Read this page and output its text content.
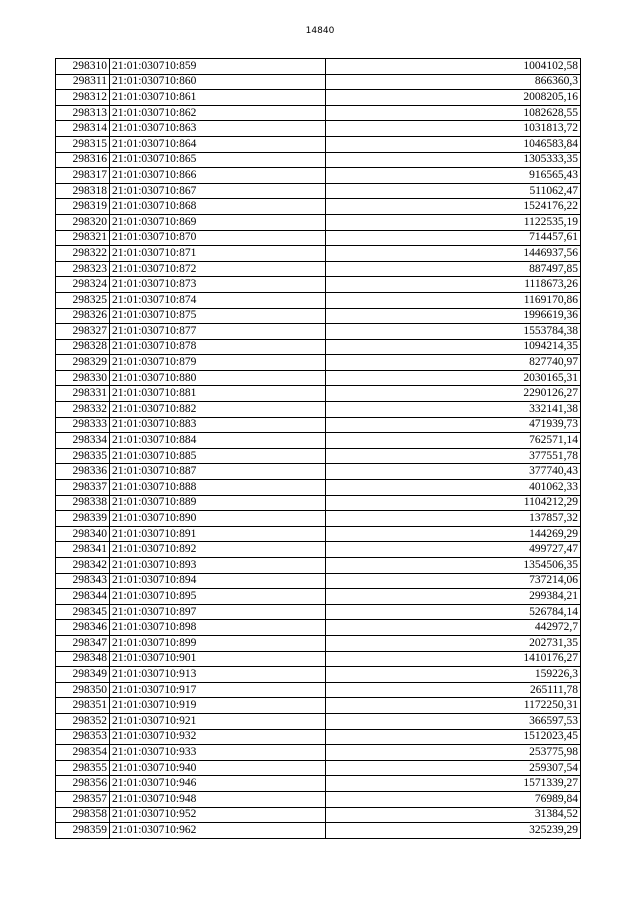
14840
298310	21:01:030710:859	1004102,58
298311	21:01:030710:860	866360,3
298312	21:01:030710:861	2008205,16
298313	21:01:030710:862	1082628,55
298314	21:01:030710:863	1031813,72
298315	21:01:030710:864	1046583,84
298316	21:01:030710:865	1305333,35
298317	21:01:030710:866	916565,43
298318	21:01:030710:867	511062,47
298319	21:01:030710:868	1524176,22
298320	21:01:030710:869	1122535,19
298321	21:01:030710:870	714457,61
298322	21:01:030710:871	1446937,56
298323	21:01:030710:872	887497,85
298324	21:01:030710:873	1118673,26
298325	21:01:030710:874	1169170,86
298326	21:01:030710:875	1996619,36
298327	21:01:030710:877	1553784,38
298328	21:01:030710:878	1094214,35
298329	21:01:030710:879	827740,97
298330	21:01:030710:880	2030165,31
298331	21:01:030710:881	2290126,27
298332	21:01:030710:882	332141,38
298333	21:01:030710:883	471939,73
298334	21:01:030710:884	762571,14
298335	21:01:030710:885	377551,78
298336	21:01:030710:887	377740,43
298337	21:01:030710:888	401062,33
298338	21:01:030710:889	1104212,29
298339	21:01:030710:890	137857,32
298340	21:01:030710:891	144269,29
298341	21:01:030710:892	499727,47
298342	21:01:030710:893	1354506,35
298343	21:01:030710:894	737214,06
298344	21:01:030710:895	299384,21
298345	21:01:030710:897	526784,14
298346	21:01:030710:898	442972,7
298347	21:01:030710:899	202731,35
298348	21:01:030710:901	1410176,27
298349	21:01:030710:913	159226,3
298350	21:01:030710:917	265111,78
298351	21:01:030710:919	1172250,31
298352	21:01:030710:921	366597,53
298353	21:01:030710:932	1512023,45
298354	21:01:030710:933	253775,98
298355	21:01:030710:940	259307,54
298356	21:01:030710:946	1571339,27
298357	21:01:030710:948	76989,84
298358	21:01:030710:952	31384,52
298359	21:01:030710:962	325239,29
